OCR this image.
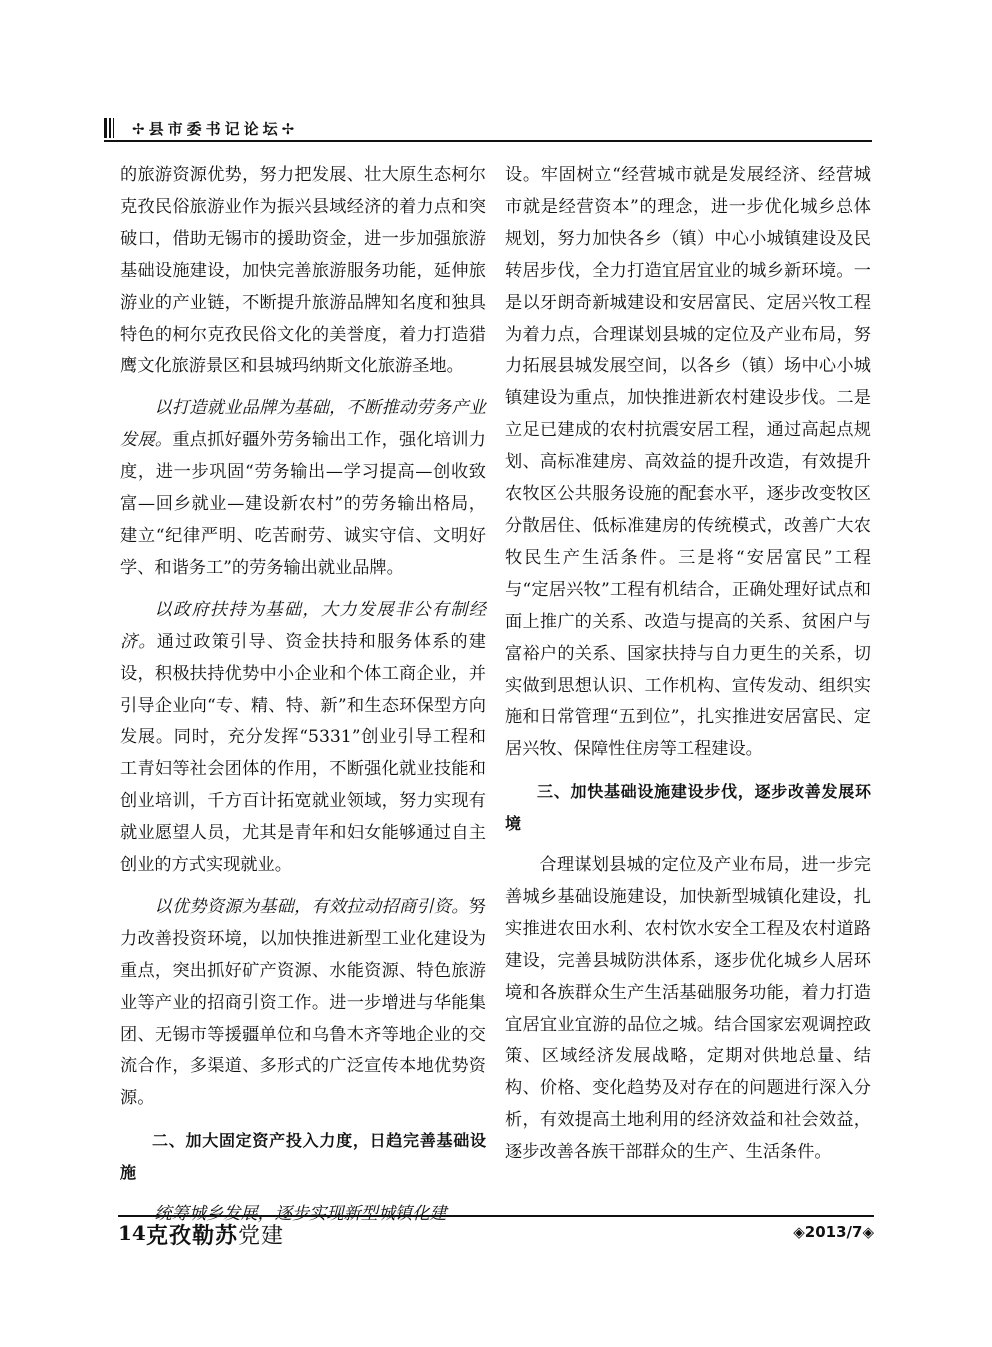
✢县市委书记论坛✢

的旅游资源优势，努力把发展、壮大原生态柯尔克孜民俗旅游业作为振兴县域经济的着力点和突破口，借助无锡市的援助资金，进一步加强旅游基础设施建设，加快完善旅游服务功能，延伸旅游业的产业链，不断提升旅游品牌知名度和独具特色的柯尔克孜民俗文化的美誉度，着力打造猎鹰文化旅游景区和县城玛纳斯文化旅游圣地。

以打造就业品牌为基础，不断推动劳务产业发展。重点抓好疆外劳务输出工作，强化培训力度，进一步巩固“劳务输出—学习提高—创收致富—回乡就业—建设新农村”的劳务输出格局，建立“纪律严明、吃苦耐劳、诚实守信、文明好学、和谐务工”的劳务输出就业品牌。

以政府扶持为基础，大力发展非公有制经济。通过政策引导、资金扶持和服务体系的建设，积极扶持优势中小企业和个体工商企业，并引导企业向“专、精、特、新”和生态环保型方向发展。同时，充分发挥“5331”创业引导工程和工青妇等社会团体的作用，不断强化就业技能和创业培训，千方百计拓宽就业领域，努力实现有就业愿望人员，尤其是青年和妇女能够通过自主创业的方式实现就业。

以优势资源为基础，有效拉动招商引资。努力改善投资环境，以加快推进新型工业化建设为重点，突出抓好矿产资源、水能资源、特色旅游业等产业的招商引资工作。进一步增进与华能集团、无锡市等援疆单位和乌鲁木齐等地企业的交流合作，多渠道、多形式的广泛宣传本地优势资源。

二、加大固定资产投入力度，日趋完善基础设施

设。牢固树立“经营城市就是发展经济、经营城市就是经营资本”的理念，进一步优化城乡总体规划，努力加快各乡（镇）中心小城镇建设及民转居步伐，全力打造宜居宜业的城乡新环境。一是以牙朗奇新城建设和安居富民、定居兴牧工程为着力点，合理谋划县城的定位及产业布局，努力拓展县城发展空间，以各乡（镇）场中心小城镇建设为重点，加快推进新农村建设步伐。二是立足已建成的农村抗震安居工程，通过高起点规划、高标准建房、高效益的提升改造，有效提升农牧区公共服务设施的配套水平，逐步改变牧区分散居住、低标准建房的传统模式，改善广大农牧民生产生活条件。三是将“安居富民”工程与“定居兴牧”工程有机结合，正确处理好试点和面上推广的关系、改造与提高的关系、贫困户与富裕户的关系、国家扶持与自力更生的关系，切实做到思想认识、工作机构、宣传发动、组织实施和日常管理“五到位”，扎实推进安居富民、定居兴牧、保障性住房等工程建设。

三、加快基础设施建设步伐，逐步改善发展环境

合理谋划县城的定位及产业布局，进一步完善城乡基础设施建设，加快新型城镇化建设，扎实推进农田水利、农村饮水安全工程及农村道路建设，完善县城防洪体系，逐步优化城乡人居环境和各族群众生产生活基础服务功能，着力打造宜居宜业宜游的品位之城。结合国家宏观调控政策、区域经济发展战略，定期对供地总量、结构、价格、变化趋势及对存在的问题进行深入分析，有效提高土地利用的经济效益和社会效益，逐步改善各族干部群众的生产、生活条件。

14 克孜勒苏党建	◈2013/7◈
